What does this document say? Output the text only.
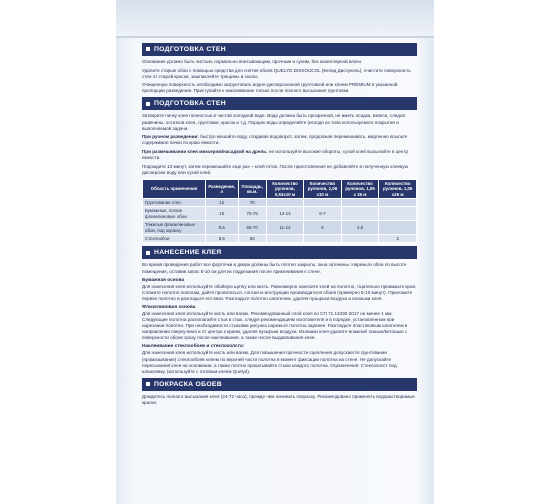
ПОДГОТОВКА СТЕН

Основание должно быть чистым, нормально впитывающим, прочным и сухим, без капиллярной влаги.

Удалите старые обои с помощью средства для снятия обоев QUELYD DISSOUCOL (Келид Диссуколь), очистите поверхность стен от старой краски, зашпаклейте трещины и сколы.

Очищенную поверхность необходимо загрунтовать водно-дисперсионной грунтовкой или клеем PREMIUM в указанной пропорции разведения. Приступайте к наклеиванию только после полного высыхания грунтовки.

ПОДГОТОВКА СТЕН

Затворите пачку клея полностью в чистой холодной воде. Вода должна быть прозрачной, не иметь осадка, взвеси, следов ржавчины, остатков клея, грунтовки, красок и т.д. Порцию воды определяйте (исходя из типа используемого покрытия и выполняемой задачи.

При ручном разведении: быстро мешайте воду, создавая водоворот, затем, продолжая перемешивать, медленно всыпьте содержимое пачки по краю емкости.

При размешивании клея миксером/насадкой на дрель: не используйте высокие обороты, сухой клей высыпайте в центр емкости.

Подождите 10 минут, затем перемешайте еще раз – клей готов. После приготовления не добавляйте в полученную клеевую дисперсию воду или сухой клей.

Область применения	Разведение, л	Площадь, кв.м.	Количество рулонов, 0,53х10 м	Количество рулонов, 1,06 х10 м	Количество рулонов, 1,06 х 25 м	Количество рулонов, 1,06 х25 м
Грунтование стен	12	70				
Бумажные, легкие флизелиновые обои	10	70-75	12-13	6-7		
Тяжелые флизелиновые обои, под окраску	9,5	65-70	11-12	6	2,5	
Стеклообои	6,5	50				2
НАНЕСЕНИЕ КЛЕЯ

Во время проведения работ все форточки и двери должны быть плотно закрыты, окна затенены. Нарежьте обои по высоте помещения, оставив запас 5-10 см для их подрезания после приклеивания к стене.

Бумажная основа

Для нанесения клея используйте обойную щетку или кисть. Равномерно нанесите клей на полотно, тщательно промажьте края. Сложите полотно пополам, дайте пропитаться, согласно инструкции производителя обоев (примерно 5-10 минут). Приложите первое полотно и разгладьте его вниз. Разгладьте полотно шпателем, удаляя пузырьки воздуха и излишки клея.

Флизелиновая основа

Для нанесения клея используйте кисть или валик. Рекомендованный слой клея по СП 71.13330-2017 не менее 1 мм. Следующие полотна располагайте стык в стык, следуя рекомендациям изготовителя и в порядке, установленном при нарезании полотен. При необходимости стыковки рисунка нарежьте полотна заранее. Разгладьте пластиковым шпателем в направлении сверху-вниз и от центра к краям, удаляя пузырьки воздуха. Излишки клея удалите влажной тканью/ветошью с поверхности обоев сразу после наклеивания, а также после выдавливания клея.

Наклеивание стеклообоев и стеклохолста:

Для нанесения клея используйте кисть или валик. Для повышения прочности сцепления допускается грунтование (промазывание) стеклообоев клеем по верхней части полотна в момент фиксации полотна на стене. Не допускайте пересыхания клея на основании, а также плотно прокатывайте стыки каждого полотна. Ограничения: Стеклохолст под шпаклевку. (используйте с готовым клеем Quelyd).

ПОКРАСКА ОБОЕВ

Дождитесь полного высыхания клея (24-72 часа), прежде чем начинать покраску. Рекомендовано применять водорастворимые краски.
